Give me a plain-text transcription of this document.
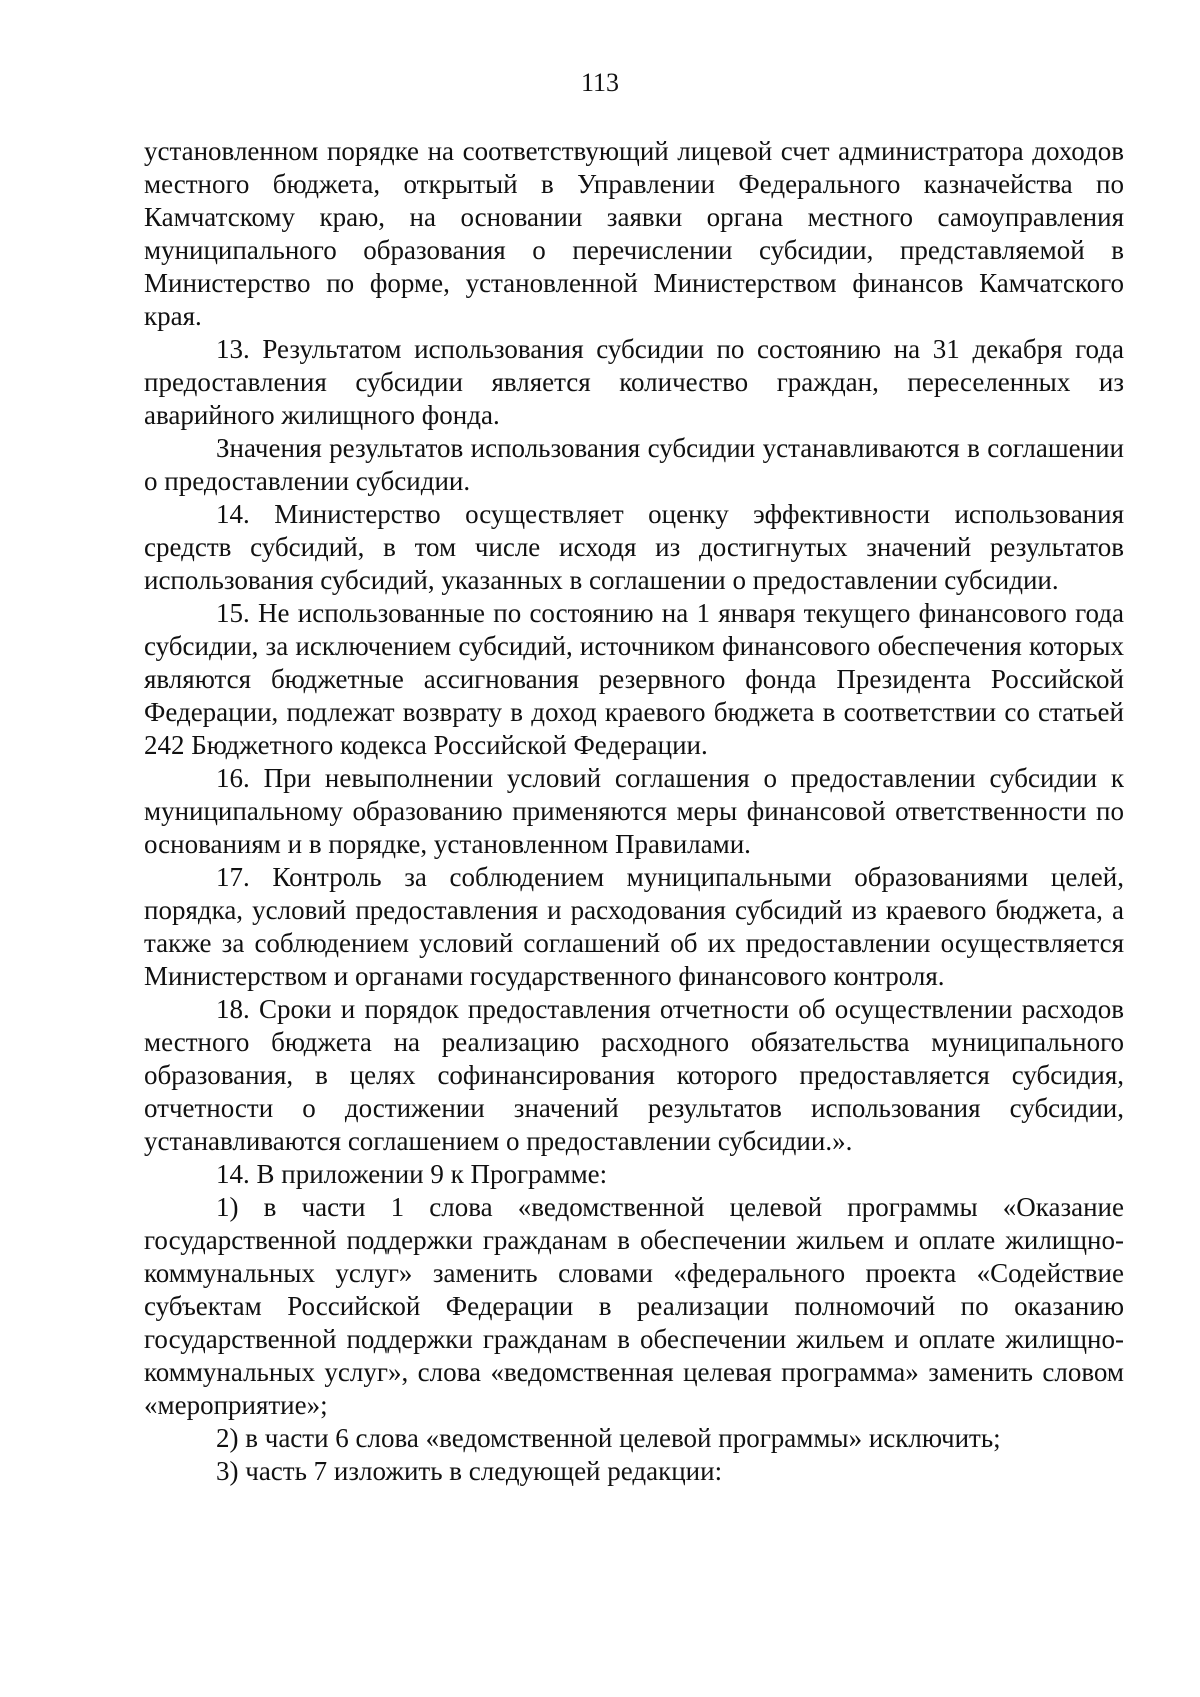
113

установленном порядке на соответствующий лицевой счет администратора доходов местного бюджета, открытый в Управлении Федерального казначейства по Камчатскому краю, на основании заявки органа местного самоуправления муниципального образования о перечислении субсидии, представляемой в Министерство по форме, установленной Министерством финансов Камчатского края.

13. Результатом использования субсидии по состоянию на 31 декабря года предоставления субсидии является количество граждан, переселенных из аварийного жилищного фонда.

Значения результатов использования субсидии устанавливаются в соглашении о предоставлении субсидии.

14. Министерство осуществляет оценку эффективности использования средств субсидий, в том числе исходя из достигнутых значений результатов использования субсидий, указанных в соглашении о предоставлении субсидии.

15. Не использованные по состоянию на 1 января текущего финансового года субсидии, за исключением субсидий, источником финансового обеспечения которых являются бюджетные ассигнования резервного фонда Президента Российской Федерации, подлежат возврату в доход краевого бюджета в соответствии со статьей 242 Бюджетного кодекса Российской Федерации.

16. При невыполнении условий соглашения о предоставлении субсидии к муниципальному образованию применяются меры финансовой ответственности по основаниям и в порядке, установленном Правилами.

17. Контроль за соблюдением муниципальными образованиями целей, порядка, условий предоставления и расходования субсидий из краевого бюджета, а также за соблюдением условий соглашений об их предоставлении осуществляется Министерством и органами государственного финансового контроля.

18. Сроки и порядок предоставления отчетности об осуществлении расходов местного бюджета на реализацию расходного обязательства муниципального образования, в целях софинансирования которого предоставляется субсидия, отчетности о достижении значений результатов использования субсидии, устанавливаются соглашением о предоставлении субсидии.».

14. В приложении 9 к Программе:

1) в части 1 слова «ведомственной целевой программы «Оказание государственной поддержки гражданам в обеспечении жильем и оплате жилищно-коммунальных услуг» заменить словами «федерального проекта «Содействие субъектам Российской Федерации в реализации полномочий по оказанию государственной поддержки гражданам в обеспечении жильем и оплате жилищно-коммунальных услуг», слова «ведомственная целевая программа» заменить словом «мероприятие»;

2) в части 6 слова «ведомственной целевой программы» исключить;

3) часть 7 изложить в следующей редакции:
